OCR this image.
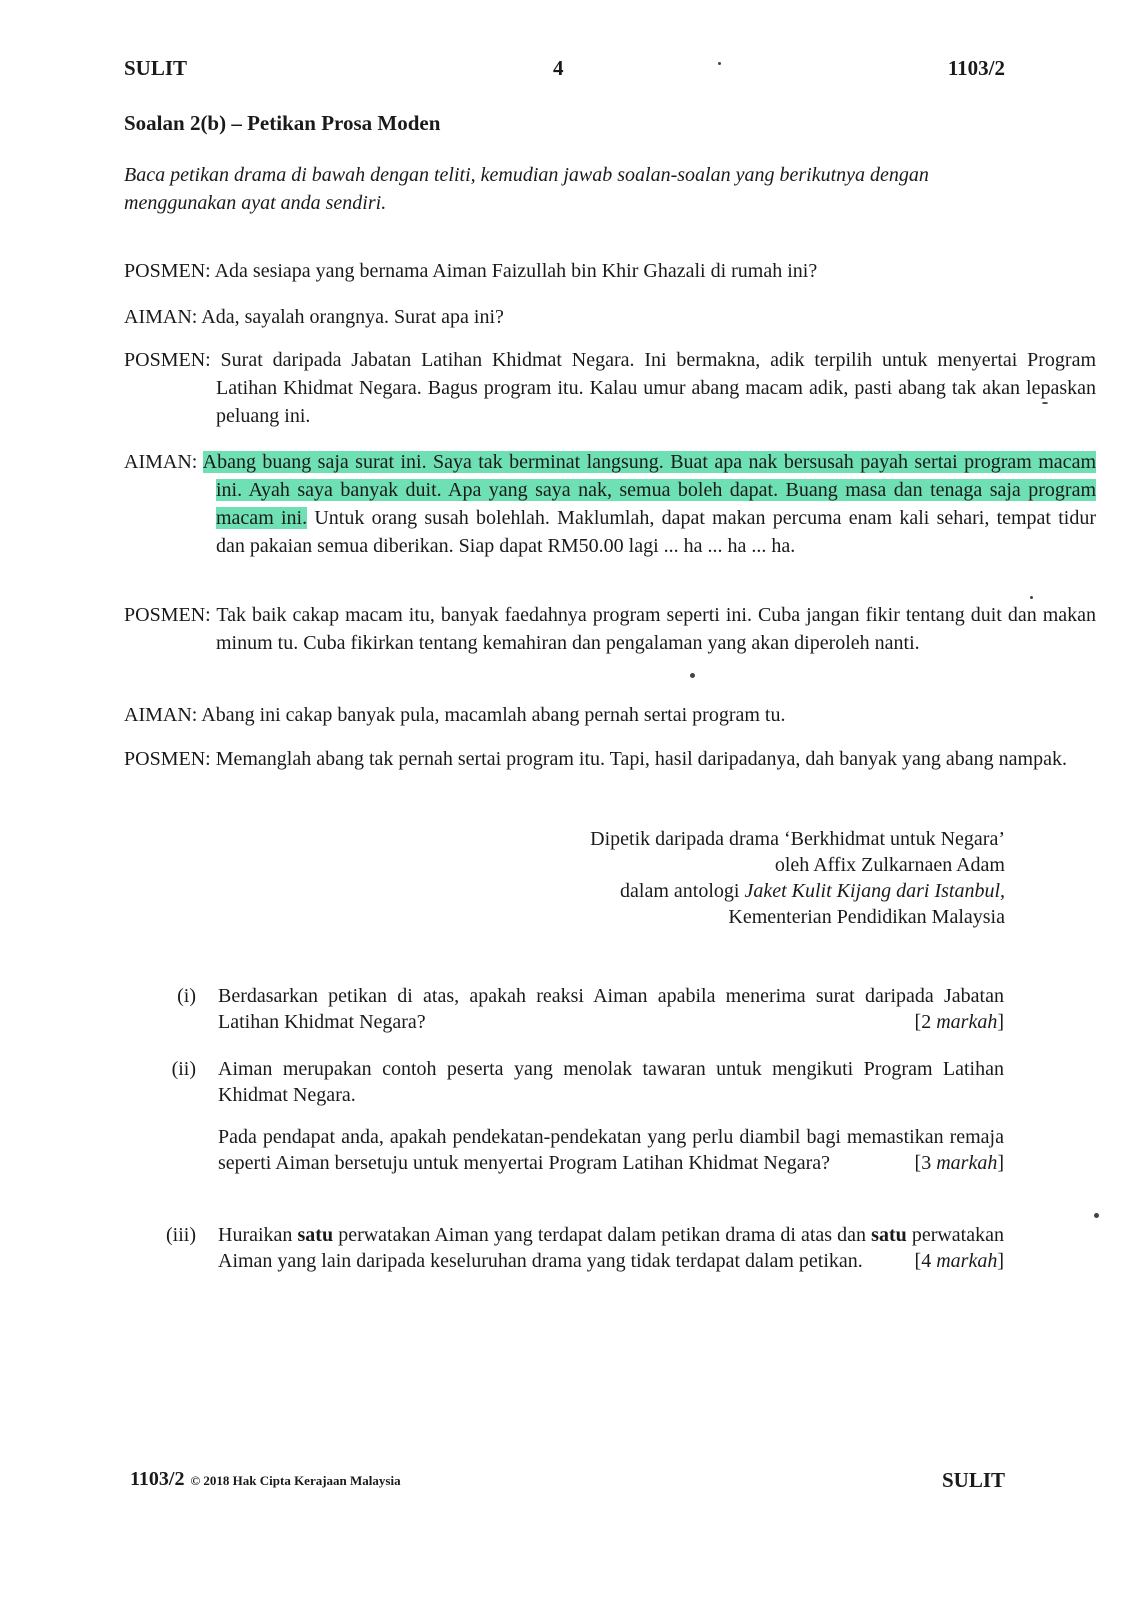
SULIT	4	1103/2
Soalan 2(b) – Petikan Prosa Moden
Baca petikan drama di bawah dengan teliti, kemudian jawab soalan-soalan yang berikutnya dengan menggunakan ayat anda sendiri.
POSMEN: Ada sesiapa yang bernama Aiman Faizullah bin Khir Ghazali di rumah ini?
AIMAN: Ada, sayalah orangnya. Surat apa ini?
POSMEN: Surat daripada Jabatan Latihan Khidmat Negara. Ini bermakna, adik terpilih untuk menyertai Program Latihan Khidmat Negara. Bagus program itu. Kalau umur abang macam adik, pasti abang tak akan lepaskan peluang ini.
AIMAN: Abang buang saja surat ini. Saya tak berminat langsung. Buat apa nak bersusah payah sertai program macam ini. Ayah saya banyak duit. Apa yang saya nak, semua boleh dapat. Buang masa dan tenaga saja program macam ini. Untuk orang susah bolehlah. Maklumlah, dapat makan percuma enam kali sehari, tempat tidur dan pakaian semua diberikan. Siap dapat RM50.00 lagi ... ha ... ha ... ha.
POSMEN: Tak baik cakap macam itu, banyak faedahnya program seperti ini. Cuba jangan fikir tentang duit dan makan minum tu. Cuba fikirkan tentang kemahiran dan pengalaman yang akan diperoleh nanti.
AIMAN: Abang ini cakap banyak pula, macamlah abang pernah sertai program tu.
POSMEN: Memanglah abang tak pernah sertai program itu. Tapi, hasil daripadanya, dah banyak yang abang nampak.
Dipetik daripada drama ‘Berkhidmat untuk Negara’
oleh Affix Zulkarnaen Adam
dalam antologi Jaket Kulit Kijang dari Istanbul,
Kementerian Pendidikan Malaysia
(i) Berdasarkan petikan di atas, apakah reaksi Aiman apabila menerima surat daripada Jabatan Latihan Khidmat Negara?	[2 markah]
(ii) Aiman merupakan contoh peserta yang menolak tawaran untuk mengikuti Program Latihan Khidmat Negara.
Pada pendapat anda, apakah pendekatan-pendekatan yang perlu diambil bagi memastikan remaja seperti Aiman bersetuju untuk menyertai Program Latihan Khidmat Negara?	[3 markah]
(iii) Huraikan satu perwatakan Aiman yang terdapat dalam petikan drama di atas dan satu perwatakan Aiman yang lain daripada keseluruhan drama yang tidak terdapat dalam petikan.	[4 markah]
1103/2 © 2018 Hak Cipta Kerajaan Malaysia	SULIT
